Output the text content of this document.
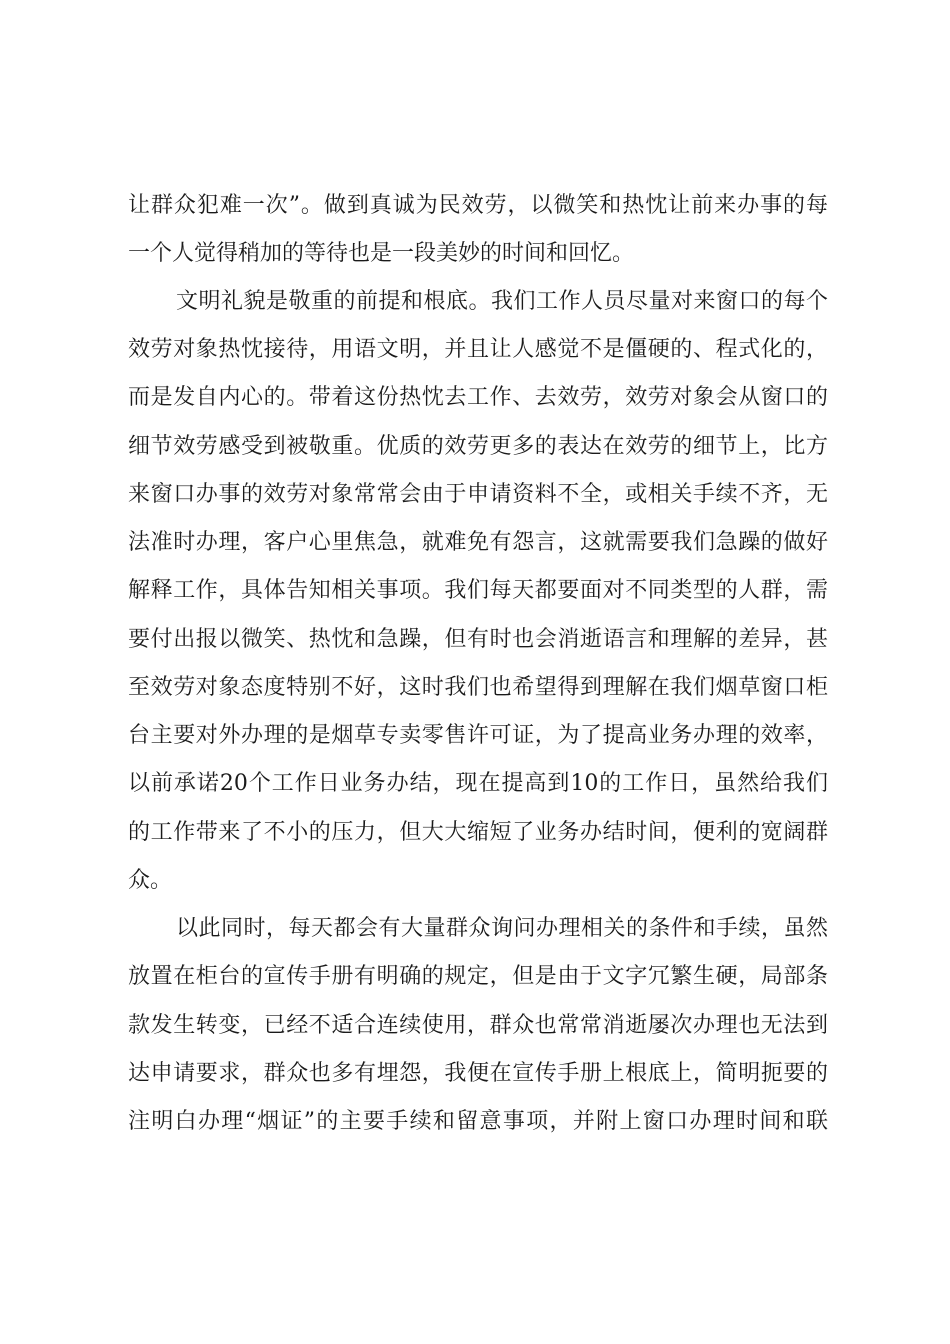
让群众犯难一次”。做到真诚为民效劳，以微笑和热忱让前来办事的每
一个人觉得稍加的等待也是一段美妙的时间和回忆。
文明礼貌是敬重的前提和根底。我们工作人员尽量对来窗口的每个
效劳对象热忱接待，用语文明，并且让人感觉不是僵硬的、程式化的，
而是发自内心的。带着这份热忱去工作、去效劳，效劳对象会从窗口的
细节效劳感受到被敬重。优质的效劳更多的表达在效劳的细节上，比方
来窗口办事的效劳对象常常会由于申请资料不全，或相关手续不齐，无
法准时办理，客户心里焦急，就难免有怨言，这就需要我们急躁的做好
解释工作，具体告知相关事项。我们每天都要面对不同类型的人群，需
要付出报以微笑、热忱和急躁，但有时也会消逝语言和理解的差异，甚
至效劳对象态度特别不好，这时我们也希望得到理解在我们烟草窗口柜
台主要对外办理的是烟草专卖零售许可证，为了提高业务办理的效率，
以前承诺20个工作日业务办结，现在提高到10的工作日，虽然给我们
的工作带来了不小的压力，但大大缩短了业务办结时间，便利的宽阔群
众。
以此同时，每天都会有大量群众询问办理相关的条件和手续，虽然
放置在柜台的宣传手册有明确的规定，但是由于文字冗繁生硬，局部条
款发生转变，已经不适合连续使用，群众也常常消逝屡次办理也无法到
达申请要求，群众也多有埋怨，我便在宣传手册上根底上，简明扼要的
注明白办理“烟证”的主要手续和留意事项，并附上窗口办理时间和联
